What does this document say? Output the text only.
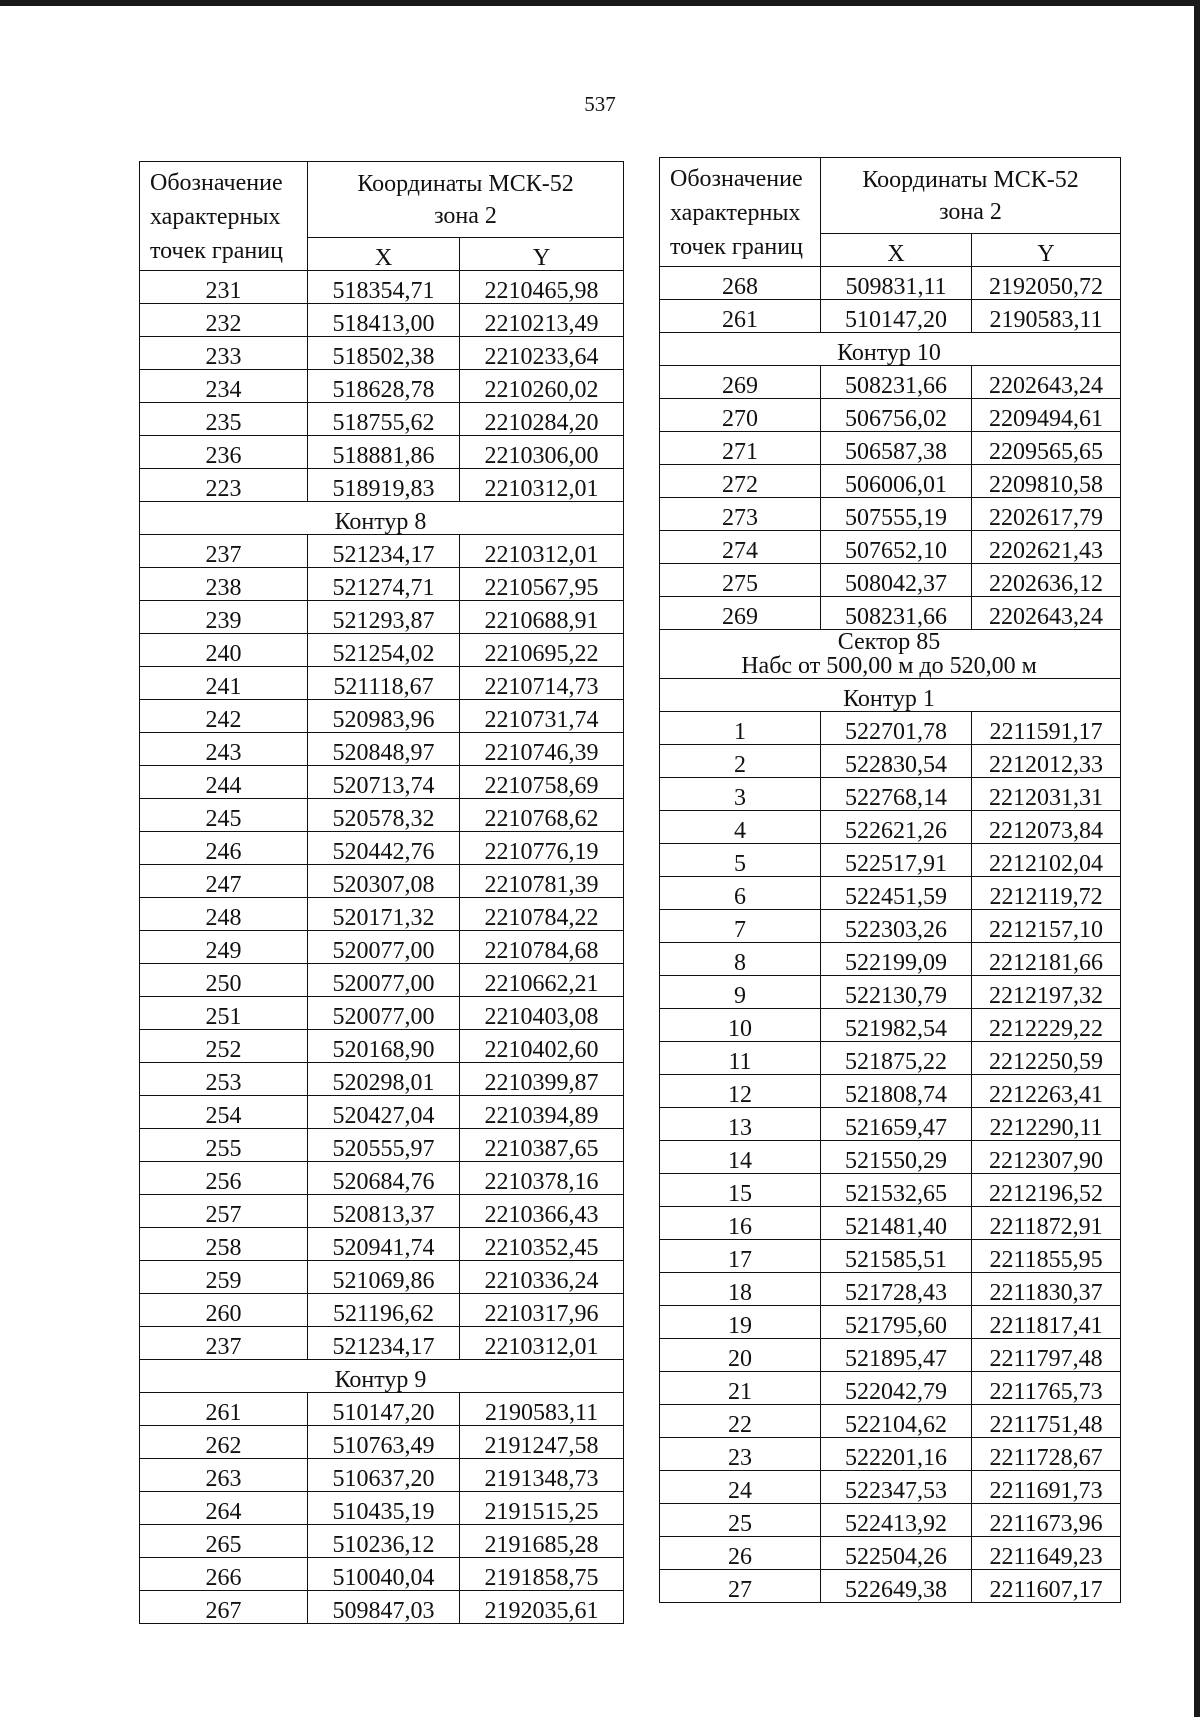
537
Обозначение
характерных
точек границ	Координаты МСК-52
зона 2	
	X	Y
231	518354,71	2210465,98
232	518413,00	2210213,49
233	518502,38	2210233,64
234	518628,78	2210260,02
235	518755,62	2210284,20
236	518881,86	2210306,00
223	518919,83	2210312,01
Контур 8		
237	521234,17	2210312,01
238	521274,71	2210567,95
239	521293,87	2210688,91
240	521254,02	2210695,22
241	521118,67	2210714,73
242	520983,96	2210731,74
243	520848,97	2210746,39
244	520713,74	2210758,69
245	520578,32	2210768,62
246	520442,76	2210776,19
247	520307,08	2210781,39
248	520171,32	2210784,22
249	520077,00	2210784,68
250	520077,00	2210662,21
251	520077,00	2210403,08
252	520168,90	2210402,60
253	520298,01	2210399,87
254	520427,04	2210394,89
255	520555,97	2210387,65
256	520684,76	2210378,16
257	520813,37	2210366,43
258	520941,74	2210352,45
259	521069,86	2210336,24
260	521196,62	2210317,96
237	521234,17	2210312,01
Контур 9		
261	510147,20	2190583,11
262	510763,49	2191247,58
263	510637,20	2191348,73
264	510435,19	2191515,25
265	510236,12	2191685,28
266	510040,04	2191858,75
267	509847,03	2192035,61
Обозначение
характерных
точек границ	Координаты МСК-52
зона 2	
	X	Y
268	509831,11	2192050,72
261	510147,20	2190583,11
Контур 10		
269	508231,66	2202643,24
270	506756,02	2209494,61
271	506587,38	2209565,65
272	506006,01	2209810,58
273	507555,19	2202617,79
274	507652,10	2202621,43
275	508042,37	2202636,12
269	508231,66	2202643,24
Сектор 85
Набс от 500,00 м до 520,00 м		
Контур 1		
1	522701,78	2211591,17
2	522830,54	2212012,33
3	522768,14	2212031,31
4	522621,26	2212073,84
5	522517,91	2212102,04
6	522451,59	2212119,72
7	522303,26	2212157,10
8	522199,09	2212181,66
9	522130,79	2212197,32
10	521982,54	2212229,22
11	521875,22	2212250,59
12	521808,74	2212263,41
13	521659,47	2212290,11
14	521550,29	2212307,90
15	521532,65	2212196,52
16	521481,40	2211872,91
17	521585,51	2211855,95
18	521728,43	2211830,37
19	521795,60	2211817,41
20	521895,47	2211797,48
21	522042,79	2211765,73
22	522104,62	2211751,48
23	522201,16	2211728,67
24	522347,53	2211691,73
25	522413,92	2211673,96
26	522504,26	2211649,23
27	522649,38	2211607,17
